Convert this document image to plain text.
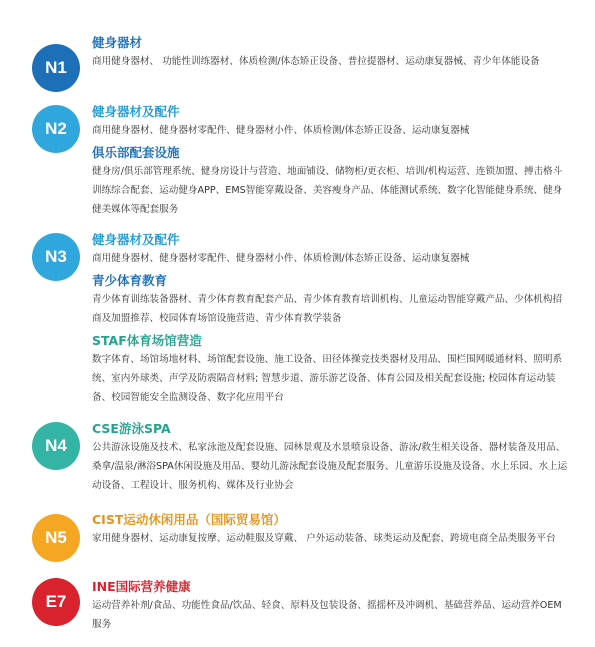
N1

健身器材

商用健身器材、 功能性训练器材、体质检测/体态矫正设备、普拉提器材、运动康复器械、青少年体能设备

N2

健身器材及配件

商用健身器材、健身器材零配件、健身器材小件、体质检测/体态矫正设备、运动康复器械

俱乐部配套设施

健身房/俱乐部管理系统、健身房设计与营造、地面铺设、储物柜/更衣柜、培训/机构运营、连锁加盟、搏击格斗训练综合配套、运动健身APP、EMS智能穿戴设备、美容瘦身产品、体能测试系统、数字化智能健身系统、健身健美媒体等配套服务

N3

健身器材及配件

商用健身器材、健身器材零配件、健身器材小件、体质检测/体态矫正设备、运动康复器械

青少体育教育

青少体育训练装备器材、青少体育教育配套产品、青少体育教育培训机构、儿童运动智能穿戴产品、少体机构招商及加盟推荐、校园体育场馆设施营造、青少体育教学装备

STAF体育场馆营造

数字体育、场馆场地材料、场馆配套设施、施工设备、田径体操竞技类器材及用品、围栏围网暖通材料、照明系统、室内外球类、声学及防震隔音材料; 智慧步道、游乐游艺设备、体育公园及相关配套设施; 校园体育运动装备、校园智能安全监测设备、数字化应用平台

N4

CSE游泳SPA

公共游泳设施及技术、私家泳池及配套设施、园林景观及水景喷泉设备、游泳/救生相关设备、器材装备及用品、桑拿/温泉/淋浴SPA休闲设施及用品、婴幼儿游泳配套设施及配套服务、儿童游乐设施及设备、水上乐园、水上运动设备、工程设计、服务机构、媒体及行业协会

N5

CIST运动休闲用品（国际贸易馆）

家用健身器材、运动康复按摩、运动鞋服及穿戴、 户外运动装备、球类运动及配套、跨境电商全品类服务平台

E7

INE国际营养健康

运动营养补剂/食品、功能性食品/饮品、轻食、原料及包装设备、摇摇杯及冲调机、基础营养品、运动营养OEM服务
